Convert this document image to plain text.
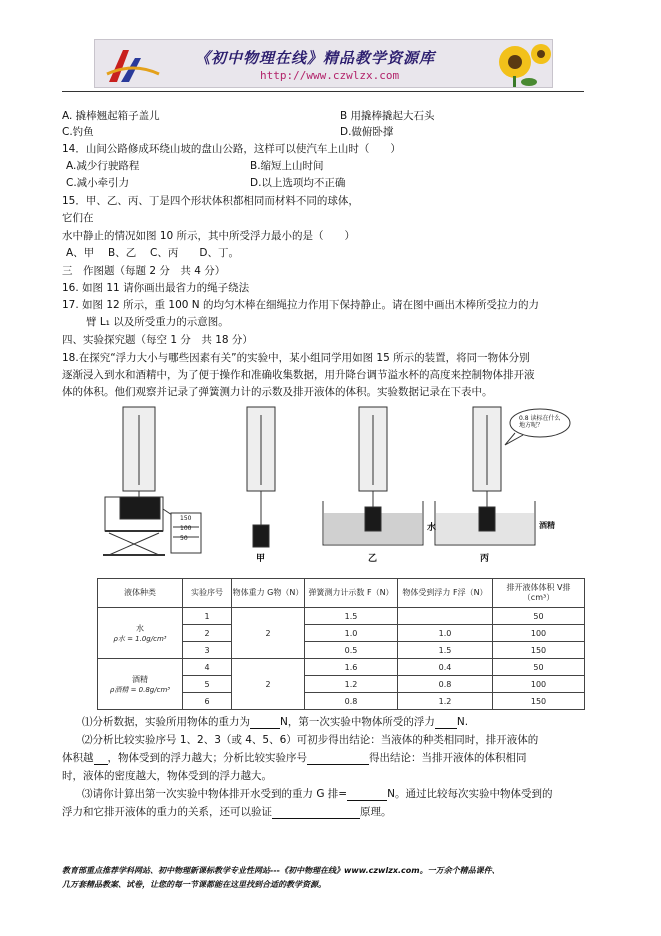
《初中物理在线》精品教学资源库
http://www.czwlzx.com
A. 撬棒翘起箱子盖儿	B 用撬棒撬起大石头
C.钓鱼	D.做俯卧撑
14．山间公路修成环绕山坡的盘山公路，这样可以使汽车上山时（　　）
A.减少行驶路程	B.缩短上山时间
C.减小牵引力	D.以上选项均不正确
15．甲、乙、丙、丁是四个形状体积都相同而材料不同的球体，
它们在
水中静止的情况如图 10 所示，其中所受浮力最小的是（　　）
A、甲　 B、乙　 C、丙　　D、丁。
三　作图题（每题 2 分　共 4 分）
16. 如图 11 请你画出最省力的绳子绕法
17. 如图 12 所示，重 100 N 的均匀木棒在细绳拉力作用下保持静止。请在图中画出木棒所受拉力的力
臂 L₁ 以及所受重力的示意图。
四、实验探究题（每空 1 分　共 18 分）
18.在探究“浮力大小与哪些因素有关”的实验中，某小组同学用如图 15 所示的装置，将同一物体分别
逐渐浸入到水和酒精中，为了便于操作和准确收集数据，用升降台调节溢水杯的高度来控制物体排开液
体的体积。他们观察并记录了弹簧测力计的示数及排开液体的体积。实验数据记录在下表中。
150
100
50
甲	乙	丙
水	酒精
0.8 读标在什么地方呢？
液体种类	实验序号	物体重力 G物（N）	弹簧测力计示数 F（N）	物体受到浮力 F浮（N）	排开液体体积 V排（cm³）

水
ρ水 = 1.0g/cm³	1	2	1.5		50
	2		1.0	1.0	100
	3		0.5	1.5	150

酒精
ρ酒精 = 0.8g/cm³	4	2	1.6	0.4	50
	5		1.2	0.8	100
	6		0.8	1.2	150
⑴分析数据，实验所用物体的重力为	N，第一次实验中物体所受的浮力 N.
⑵分析比较实验序号 1、2、3（或 4、5、6）可初步得出结论：当液体的种类相同时，排开液体的
体积越 ，物体受到的浮力越大；分析比较实验序号	得出结论：当排开液体的体积相同
时，液体的密度越大，物体受到的浮力越大。
⑶请你计算出第一次实验中物体排开水受到的重力 G 排=	N。通过比较每次实验中物体受到的
浮力和它排开液体的重力的关系，还可以验证	原理。
教育部重点推荐学科网站、初中物理新课标教学专业性网站---《初中物理在线》www.czwlzx.com。一万余个精品课件、
几万套精品教案、试卷，让您的每一节课都能在这里找到合适的教学资源。
